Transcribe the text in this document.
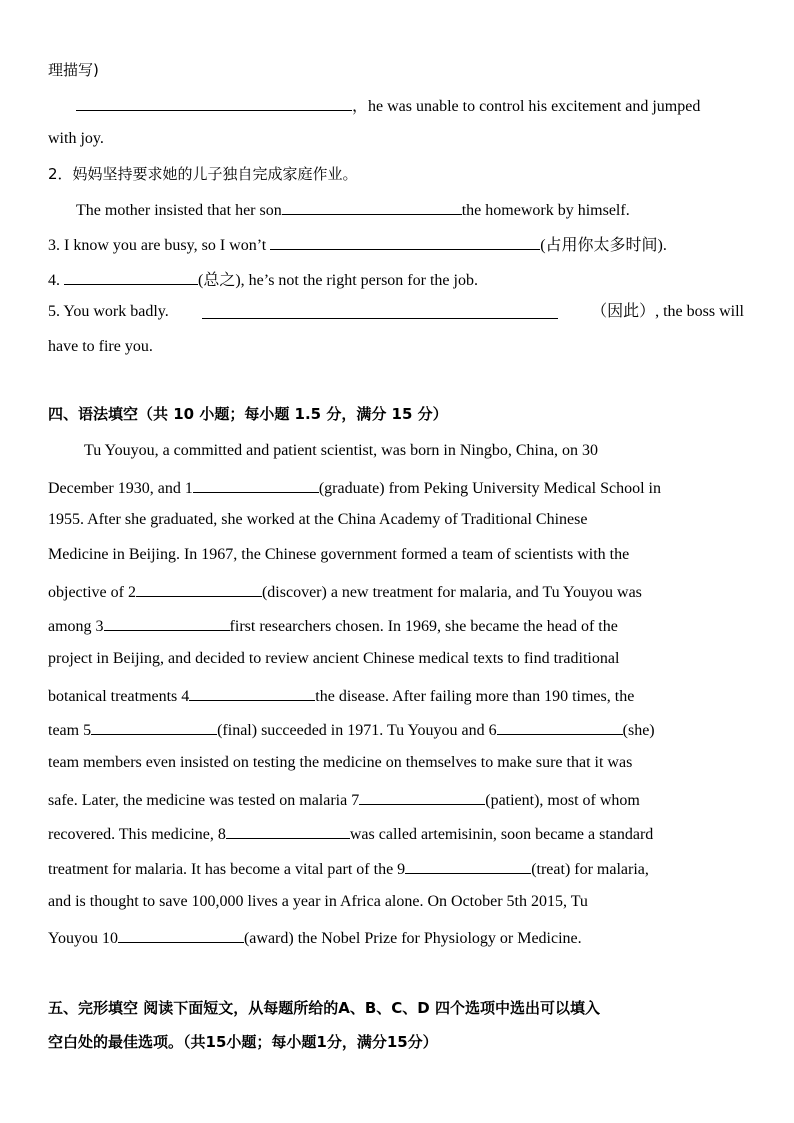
理描写)
，he was unable to control his excitement and jumped
with joy.
2．妈妈坚持要求她的儿子独自完成家庭作业。
The mother insisted that her son	the homework by himself.
3. I know you are busy, so I won’t	(占用你太多时间).
4.	(总之), he’s not the right person for the job.
5. You work badly.	（因此）, the boss will
have to fire you.
四、语法填空（共 10 小题；每小题 1.5 分，满分 15 分）
Tu Youyou, a committed and patient scientist, was born in Ningbo, China, on 30
December 1930, and 1	(graduate) from Peking University Medical School in
1955. After she graduated, she worked at the China Academy of Traditional Chinese
Medicine in Beijing. In 1967, the Chinese government formed a team of scientists with the
objective of 2	(discover) a new treatment for malaria, and Tu Youyou was
among 3	first researchers chosen. In 1969, she became the head of the
project in Beijing, and decided to review ancient Chinese medical texts to find traditional
botanical treatments 4	the disease. After failing more than 190 times, the
team 5	(final) succeeded in 1971. Tu Youyou and 6	(she)
team members even insisted on testing the medicine on themselves to make sure that it was
safe. Later, the medicine was tested on malaria 7	(patient), most of whom
recovered. This medicine, 8	was called artemisinin, soon became a standard
treatment for malaria. It has become a vital part of the 9	(treat) for malaria,
and is thought to save 100,000 lives a year in Africa alone. On October 5th 2015, Tu
Youyou 10	(award) the Nobel Prize for Physiology or Medicine.
五、完形填空 阅读下面短文，从每题所给的A、B、C、D 四个选项中选出可以填入
空白处的最佳选项。（共15小题；每小题1分，满分15分）
